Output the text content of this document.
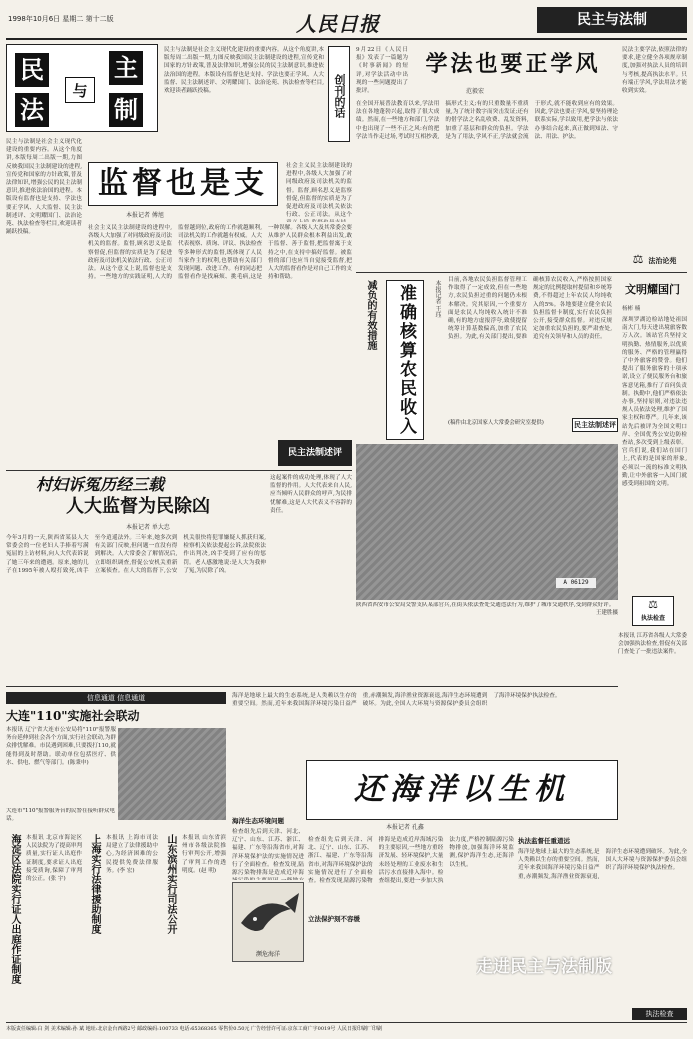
1998年10月6日 星期二 第十二版	人民日报	民主与法制
民	主
与
法	制
民主与法制是社会主义现代化建设的重要内容。从这个角度讲,本版每周二出版一期,力图反映我国民主法制建设的进程,宣传党和国家的方针政策,普及法律知识,增强公民的民主法制意识,推进依法治国的进程。本版设有监督也是支持、学法也要正学风、人大监督、民主法制述评、文明耀国门、法治论苑、执法检查等栏目,欢迎读者踊跃投稿。	创刊的话
监督也是支
本报记者 傅旭
民主与法制是社会主义现代化建设的重要内容。从这个角度讲,本版每周二出版一期,力图反映我国民主法制建设的进程,宣传党和国家的方针政策,普及法律知识,增强公民的民主法制意识,推进依法治国的进程。本版设有监督也是支持、学法也要正学风、人大监督、民主法制述评、文明耀国门、法治论苑、执法检查等栏目,欢迎读者踊跃投稿。
社会主义民主法制建设的进程中,各级人大加强了对同级政府及司法机关的监督。监督,顾名思义是监察督促,但监督的实质是为了促进政府及司法机关依法行政、公正司法。从这个意义上说,监督也是支持。一些地方的实践证明,人大的监督越到位,政府的工作就越顺利,司法机关的工作就越有权威。人大代表视察、质询、评议、执法检查等多种形式的监督,既体现了人民当家作主的权利,也帮助有关部门发现问题、改进工作。有的同志把监督看作是找麻烦、挑毛病,这是一种误解。各级人大及其常委会要从维护人民群众根本利益出发,敢于监督、善于监督,把监督寓于支持之中,在支持中搞好监督。被监督的部门也应当自觉接受监督,把人大的监督看作是对自己工作的支持和帮助。
社会主义民主法制建设的进程中,各级人大加强了对同级政府及司法机关的监督。监督,顾名思义是监察督促,但监督的实质是为了促进政府及司法机关依法行政、公正司法。从这个
学法也要正学风
范毅宏
9月22日《人民日报》发表了一篇题为《时事新闻》的短评,对学法活动中出现的一些问题提出了批评。
在全国开展普法教育以来,学法用法在各地蓬勃兴起,取得了很大成绩。然而,在一些地方和部门,学法中也出现了一些不正之风:有的把学法当作走过场,考试时互相抄袭,搞形式主义;有的只重数量不重质量,为了统计数字而突击发证;还有的借学法之名乱收费、乱发资料,加重了基层和群众的负担。学法是为了用法,学风不正,学法就会流于形式,就不能收到应有的效果。因此,学法也要正学风,要坚持理论联系实际,学以致用,把学法与依法办事结合起来,真正做到知法、守法、用法、护法。
民法主要学法,依照法律的要求,建立健全各项规章制度,加强对执法人员的培训与考核,提高执法水平。只有端正学风,学法用法才能收到实效。
⚖ 法治论苑
准确核算农民收入
减负的有效措施	本报记者 王珏 目前,各地农民负担监督管理工作取得了一定成效,但在一些地方,农民负担过重的问题仍未根本解决。究其原因,一个重要方面是农民人均纯收入统计不准确,有的地方虚报浮夸,致使提留统筹计算基数偏高,加重了农民负担。为此,有关部门提出,要准确核算农民收入,严格按照国家规定的比例提取村提留和乡统筹费,不得超过上年农民人均纯收入的5%。各地要建立健全农民负担监督卡制度,实行农民负担公开,接受群众监督。对违反规定加重农民负担的,要严肃查处,追究有关领导和人员的责任。
(稿件由北京国家人大常委会研究室提供)	民主法制述评
民主法制述评
文明耀国门
杨彬 楠
深圳罗湖边检站地处祖国南大门,每天进出境旅客数万人次。该站官兵坚持文明执勤、热情服务,以优质的服务、严格的管理赢得了中外旅客的赞誉。他们提出了服务旅客的十项承诺,设立了便民服务台和旅客意见箱,推行了首问负责制。执勤中,他们严格依法办事,坚持原则,对违法违规人员依法处理,维护了国家主权和尊严。几年来,该站先后被评为全国文明口岸、全国优秀公安边防检查站,多次受到上级表彰。官兵们说,我们站在国门上,代表的是国家的形象,必须以一流的标准文明执勤,让中外旅客一入国门就感受到祖国的文明。
⚖
执法检查
A 06129
陕西省西安市公安局交警支队某部官兵,在街头依法查处交通违法行为,维护了城市交通秩序,受到群众好评。
王建胜摄
村妇诉冤历经三载
人大监督为民除凶
本报记者 单大忠
今年3月的一天,陕西省某县人大常委会的一位老妇人手捧着写满冤屈的上访材料,向人大代表诉说了她三年来的遭遇。原来,她的儿子在1995年被人殴打致死,凶手至今逍遥法外。三年来,她多次到有关部门反映,但问题一直没有得到解决。人大常委会了解情况后,立即组织调查,督促公安机关重新立案侦查。在人大的监督下,公安机关很快将犯罪嫌疑人抓获归案,检察机关依法提起公诉,法院依法作出判决,凶手受到了应有的惩罚。老人感激地说:是人大为我伸了冤,为民除了凶。
这起案件的成功处理,体现了人大监督的作用。人大代表来自人民,应当倾听人民群众的呼声,为民排忧解难,这是人大代表义不容辞的责任。
海洋是地球上最大的生态系统,是人类赖以生存的重要空间。然而,近年来我国海洋环境污染日益严重,赤潮频发,海洋渔业资源衰退,海洋生态环境遭到破坏。为此,全国人大环境与资源保护委员会组织了海洋环境保护执法检查。
信息通道 信息通道
大连"110"实施社会联动
本报讯 辽宁省大连市公安局将"110"报警服务台延伸到社会各个方面,实行社会联动,为群众排忧解难。市民遇到困难,只要拨打110,就能得到及时帮助。联动单位包括医疗、供水、供电、燃气等部门。(陈秉申)
大连市"110"报警服务台的民警在接听群众电话。
海淀区法院实行证人出庭作证制度	本报讯 北京市海淀区人民法院为了提高审判质量,实行证人出庭作证制度,要求证人出庭接受质询,保障了审判的公正。(张 宇)	上海实行法律援助制度	本报讯 上海市司法局建立了法律援助中心,为经济困难的公民提供免费法律服务。(李 宏)	山东滨州实行司法公开	本报讯 山东省滨州市各级法院推行审判公开,增强了审判工作的透明度。(赵 明)
还海洋以生机
本报记者 孔鑫
海洋生态环境问题
检查组先后到天津、河北、辽宁、山东、江苏、浙江、福建、广东等沿海省市,对海洋环境保护法的实施情况进行了全面检查。检查发现,陆源污染物排海是造成近岸海
濒危海洋
检查组先后到天津、河北、辽宁、山东、江苏、浙江、福建、广东等沿海省市,对海洋环境保护法的实施情况进行了全面检查。检查发现,陆源污染物排海是造成近岸海域污染的主要原因,一些地方重经济发展、轻环境保护,大量未经处理的工业废水和生活污水直接排入海中。检查组提出,要进一步加大执法力度,严格控制陆源污染物排放,加强海洋环境监测,保护海洋生态,还海洋以生机。
立法保护刻不容缓
执法监督任重道远
海洋是地球上最大的生态系统,是人类赖以生存的重要空间。然而,近年来我国海洋环境污染日益严重,赤潮频发,海洋渔业资源衰退,海洋生态环境遭到破坏。为此,全国人大环境与资源保护委员会组织了海洋环境保护执法检查。
本报讯 江苏省各级人大常委会加强执法检查,督促有关部门查处了一批违法案件。
走进民主与法制版
执法检查
本版责任编辑:白 剑 美术编辑:孙 斌 地址:北京金台西路2号 邮政编码:100733 电话:65368365 零售价0.50元 广告经营许可证:京东工商广字0019号 人民日报印刷厂印刷
